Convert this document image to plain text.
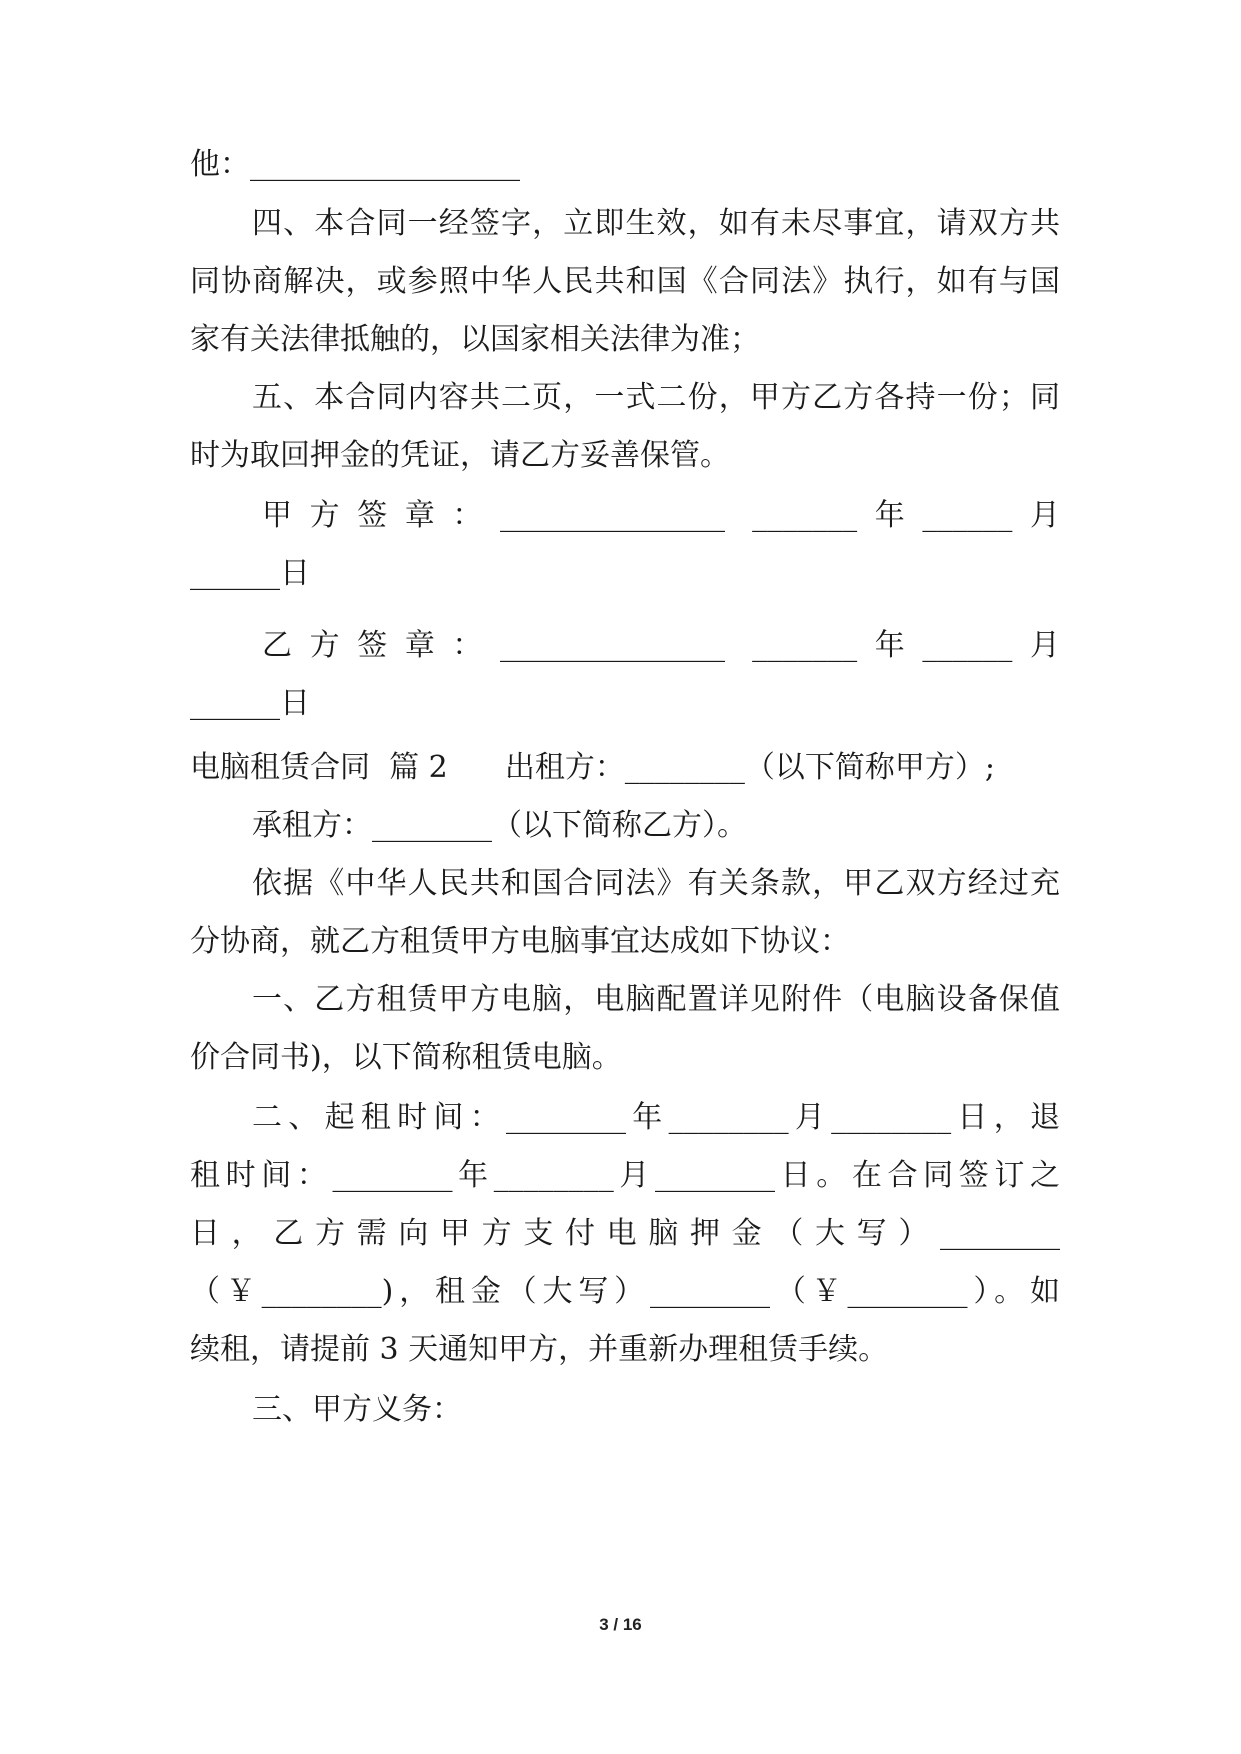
他：__________________
四、本合同一经签字，立即生效，如有未尽事宜，请双方共
同协商解决，或参照中华人民共和国《合同法》执行，如有与国
家有关法律抵触的，以国家相关法律为准；
五、本合同内容共二页，一式二份，甲方乙方各持一份；同
时为取回押金的凭证，请乙方妥善保管。
甲方签章：_______________ _______年______月
______日
乙方签章：_______________ _______年______月
______日
电脑租赁合同  篇 2      出租方：________（以下简称甲方）;
承租方：________（以下简称乙方）。
依据《中华人民共和国合同法》有关条款，甲乙双方经过充
分协商，就乙方租赁甲方电脑事宜达成如下协议：
一、乙方租赁甲方电脑，电脑配置详见附件（电脑设备保值
价合同书)，以下简称租赁电脑。
二、起租时间：________年________月________日，退
租时间：________年________月________日。在合同签订之
日，乙方需向甲方支付电脑押金（大写）________
（￥________)，租金（大写）________（￥________）。如
续租，请提前 3 天通知甲方，并重新办理租赁手续。
三、甲方义务：
3 / 16
